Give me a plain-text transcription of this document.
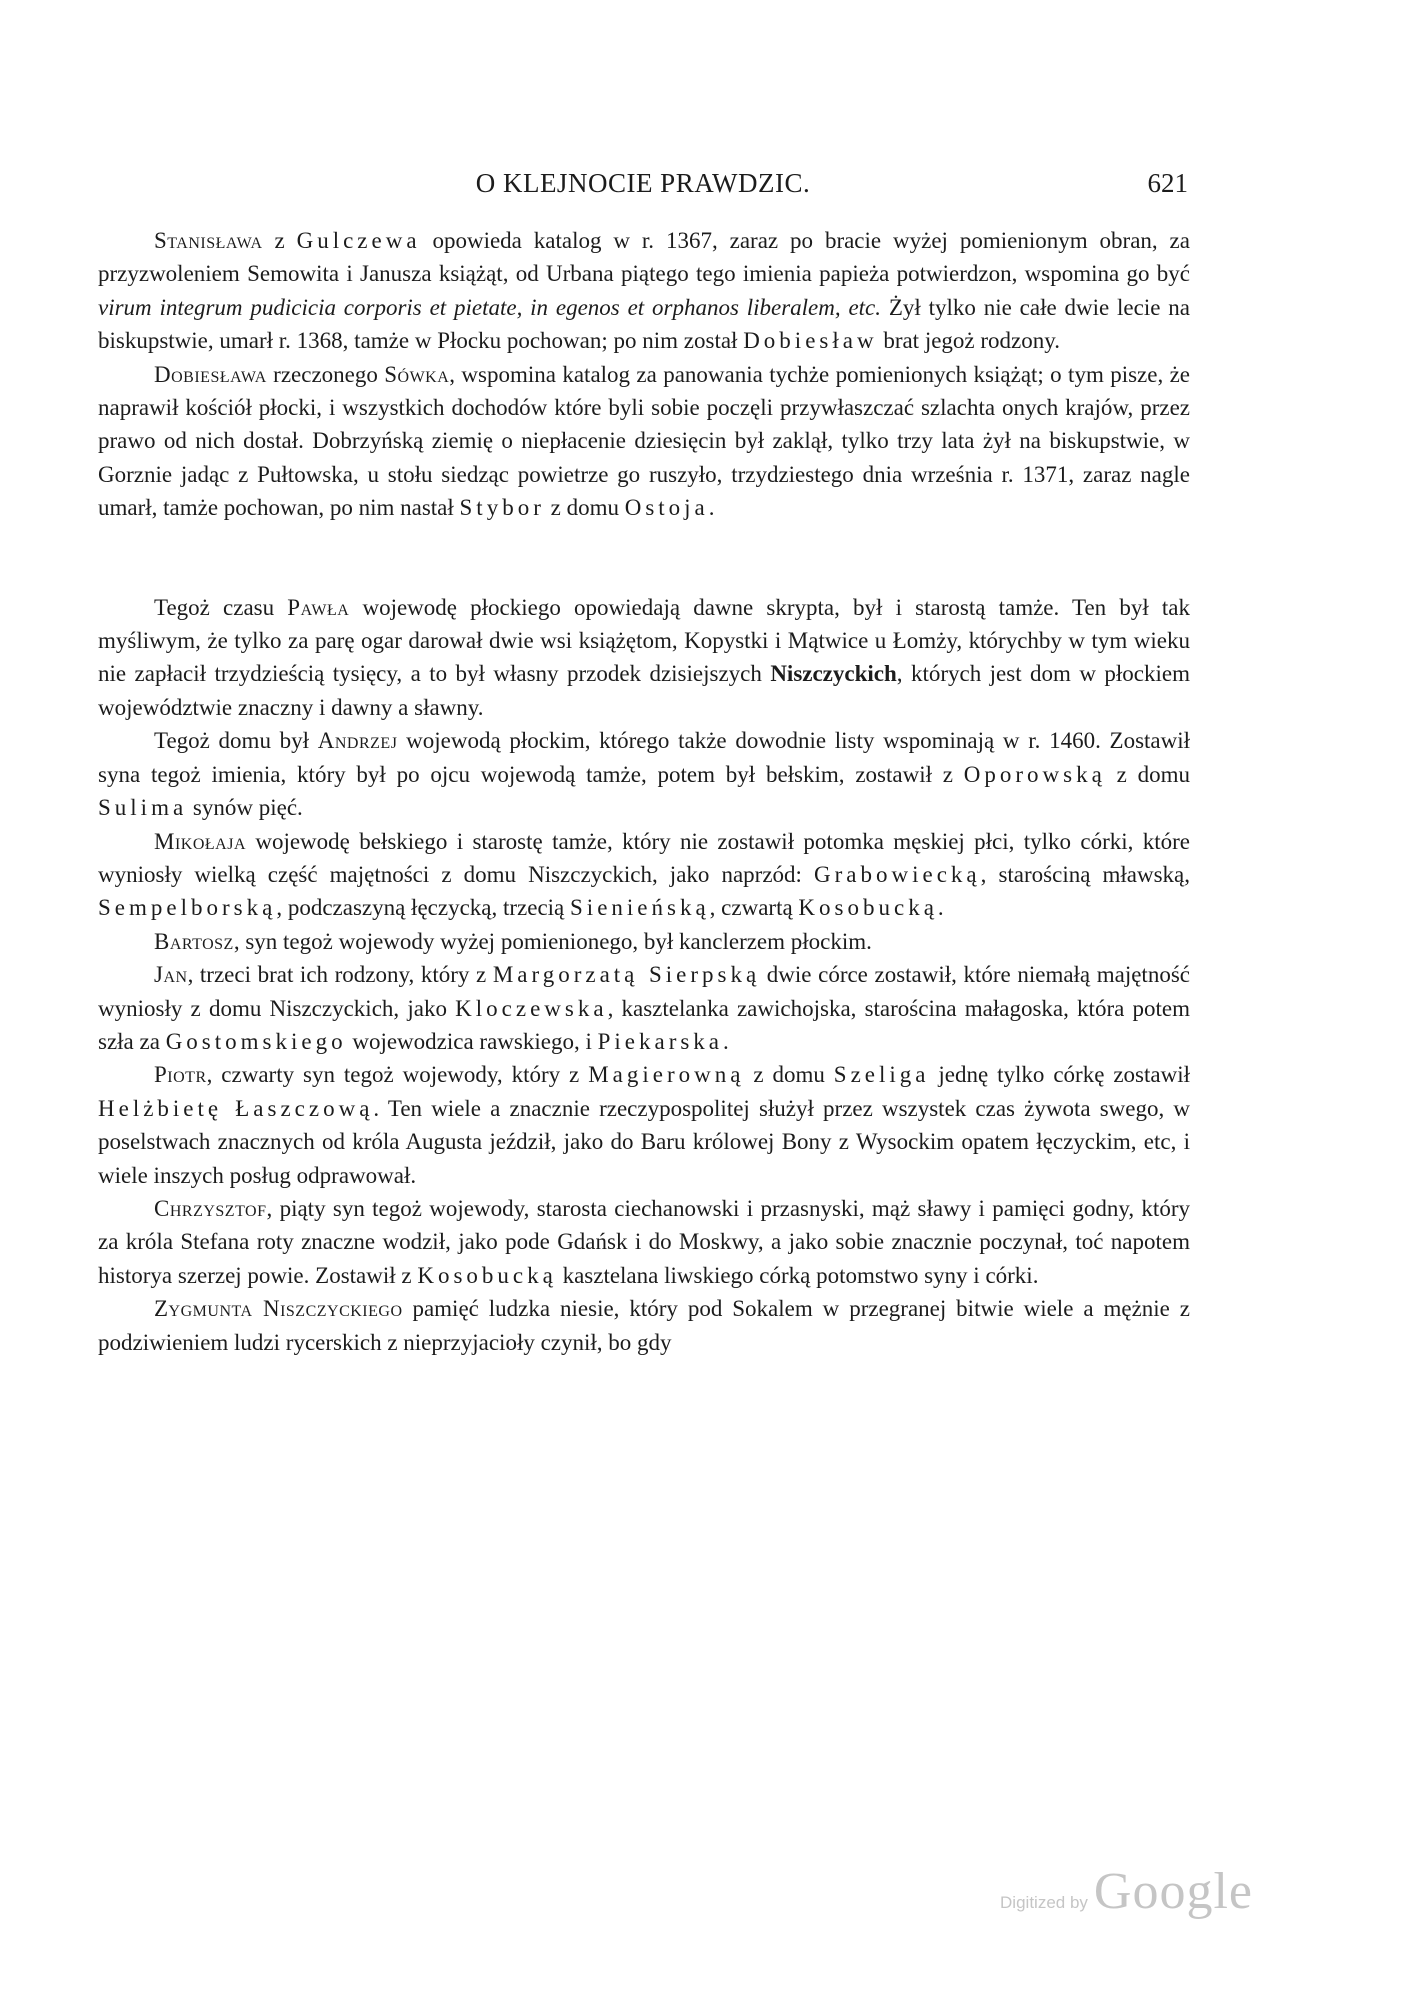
O KLEJNOCIE PRAWDZIC.	621

Stanisława z Gulczewa opowieda katalog w r. 1367, zaraz po bracie wyżej pomienionym obran, za przyzwoleniem Semowita i Janusza książąt, od Urbana piątego tego imienia papieża potwierdzon, wspomina go być virum integrum pudicicia corporis et pietate, in egenos et orphanos liberalem, etc. Żył tylko nie całe dwie lecie na biskupstwie, umarł r. 1368, tamże w Płocku pochowan; po nim został Dobiesław brat jegoż rodzony.

Dobiesława rzeczonego Sówka, wspomina katalog za panowania tychże pomienionych książąt; o tym pisze, że naprawił kościół płocki, i wszystkich dochodów które byli sobie poczęli przywłaszczać szlachta onych krajów, przez prawo od nich dostał. Dobrzyńską ziemię o niepłacenie dziesięcin był zaklął, tylko trzy lata żył na biskupstwie, w Gorznie jadąc z Pułtowska, u stołu siedząc powietrze go ruszyło, trzydziestego dnia września r. 1371, zaraz nagle umarł, tamże pochowan, po nim nastał Stybor z domu Ostoja.

Tegoż czasu Pawła wojewodę płockiego opowiedają dawne skrypta, był i starostą tamże. Ten był tak myśliwym, że tylko za parę ogar darował dwie wsi książętom, Kopystki i Mątwice u Łomży, którychby w tym wieku nie zapłacił trzydzieścią tysięcy, a to był własny przodek dzisiejszych Niszczyckich, których jest dom w płockiem województwie znaczny i dawny a sławny.

Tegoż domu był Andrzej wojewodą płockim, którego także dowodnie listy wspominają w r. 1460. Zostawił syna tegoż imienia, który był po ojcu wojewodą tamże, potem był bełskim, zostawił z Oporowską z domu Sulima synów pięć.

Mikołaja wojewodę bełskiego i starostę tamże, który nie zostawił potomka męskiej płci, tylko córki, które wyniosły wielką część majętności z domu Niszczyckich, jako naprzód: Grabowiecką, starościną mławską, Sempelborską, podczaszyną łęczycką, trzecią Sienieńską, czwartą Kosobucką.

Bartosz, syn tegoż wojewody wyżej pomienionego, był kanclerzem płockim.

Jan, trzeci brat ich rodzony, który z Margorzatą Sierpską dwie córce zostawił, które niemałą majętność wyniosły z domu Niszczyckich, jako Kloczewska, kasztelanka zawichojska, starościna małagoska, która potem szła za Gostomskiego wojewodzica rawskiego, i Piekarska.

Piotr, czwarty syn tegoż wojewody, który z Magierowną z domu Szeliga jednę tylko córkę zostawił Helżbietę Łaszczową. Ten wiele a znacznie rzeczypospolitej służył przez wszystek czas żywota swego, w poselstwach znacznych od króla Augusta jeździł, jako do Baru królowej Bony z Wysockim opatem łęczyckim, etc, i wiele inszych posług odprawował.

Chrzysztof, piąty syn tegoż wojewody, starosta ciechanowski i przasnyski, mąż sławy i pamięci godny, który za króla Stefana roty znaczne wodził, jako pode Gdańsk i do Moskwy, a jako sobie znacznie poczynał, toć napotem historya szerzej powie. Zostawił z Kosobucką kasztelana liwskiego córką potomstwo syny i córki.

Zygmunta Niszczyckiego pamięć ludzka niesie, który pod Sokalem w przegranej bitwie wiele a mężnie z podziwieniem ludzi rycerskich z nieprzyjacioły czynił, bo gdy

Digitized by Google
